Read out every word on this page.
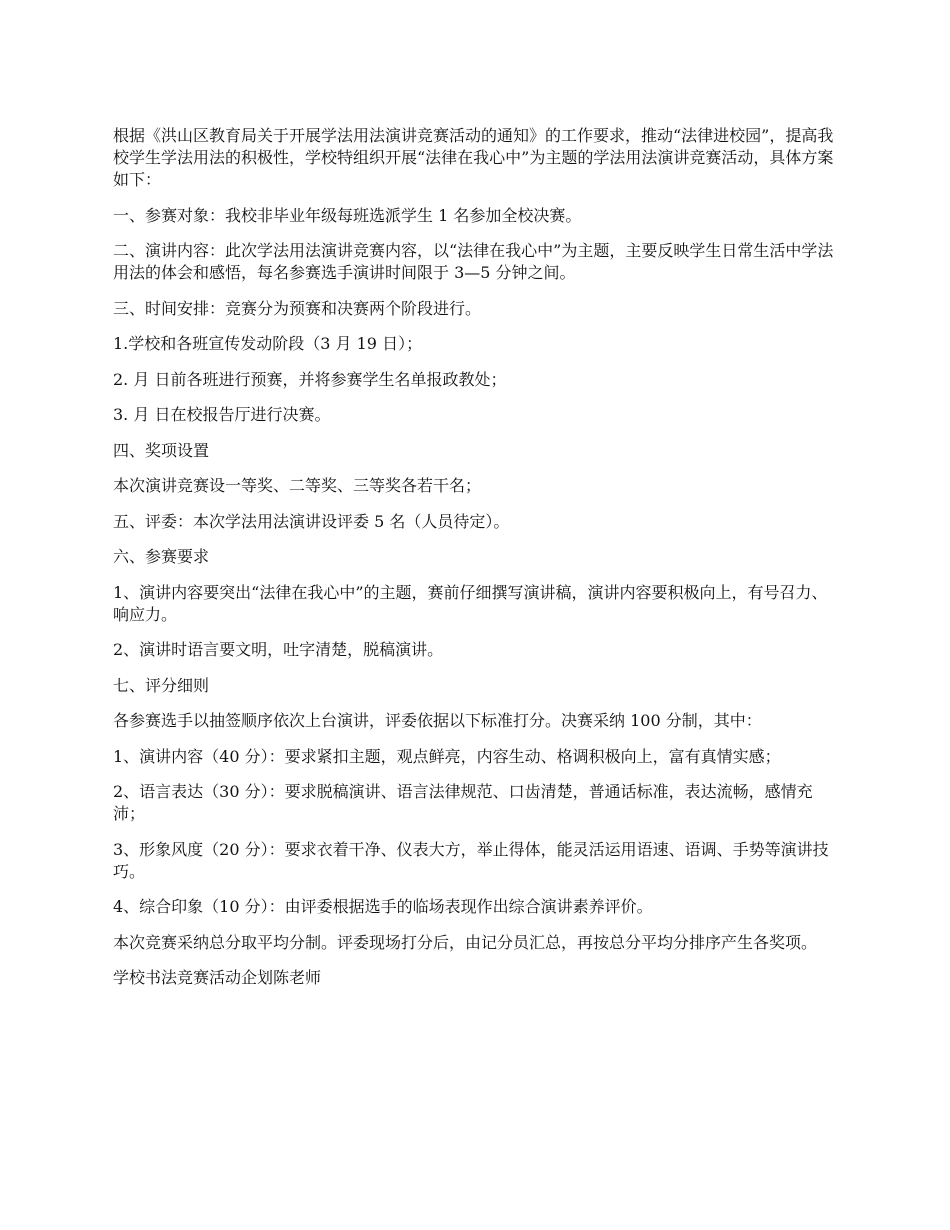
根据《洪山区教育局关于开展学法用法演讲竞赛活动的通知》的工作要求，推动“法律进校园”，提高我校学生学法用法的积极性，学校特组织开展“法律在我心中”为主题的学法用法演讲竞赛活动，具体方案如下：

一、参赛对象：我校非毕业年级每班选派学生 1 名参加全校决赛。

二、演讲内容：此次学法用法演讲竞赛内容，以“法律在我心中”为主题，主要反映学生日常生活中学法用法的体会和感悟，每名参赛选手演讲时间限于 3—5 分钟之间。

三、时间安排：竞赛分为预赛和决赛两个阶段进行。

1.学校和各班宣传发动阶段（3 月 19 日）；

2. 月 日前各班进行预赛，并将参赛学生名单报政教处；

3. 月 日在校报告厅进行决赛。

四、奖项设置

本次演讲竞赛设一等奖、二等奖、三等奖各若干名；

五、评委：本次学法用法演讲设评委 5 名（人员待定）。

六、参赛要求

1、演讲内容要突出“法律在我心中”的主题，赛前仔细撰写演讲稿，演讲内容要积极向上，有号召力、响应力。

2、演讲时语言要文明，吐字清楚，脱稿演讲。

七、评分细则

各参赛选手以抽签顺序依次上台演讲，评委依据以下标准打分。决赛采纳 100 分制，其中：

1、演讲内容（40 分）：要求紧扣主题，观点鲜亮，内容生动、格调积极向上，富有真情实感；

2、语言表达（30 分）：要求脱稿演讲、语言法律规范、口齿清楚，普通话标准，表达流畅，感情充沛；

3、形象风度（20 分）：要求衣着干净、仪表大方，举止得体，能灵活运用语速、语调、手势等演讲技巧。

4、综合印象（10 分）：由评委根据选手的临场表现作出综合演讲素养评价。

本次竞赛采纳总分取平均分制。评委现场打分后，由记分员汇总，再按总分平均分排序产生各奖项。

学校书法竞赛活动企划陈老师
